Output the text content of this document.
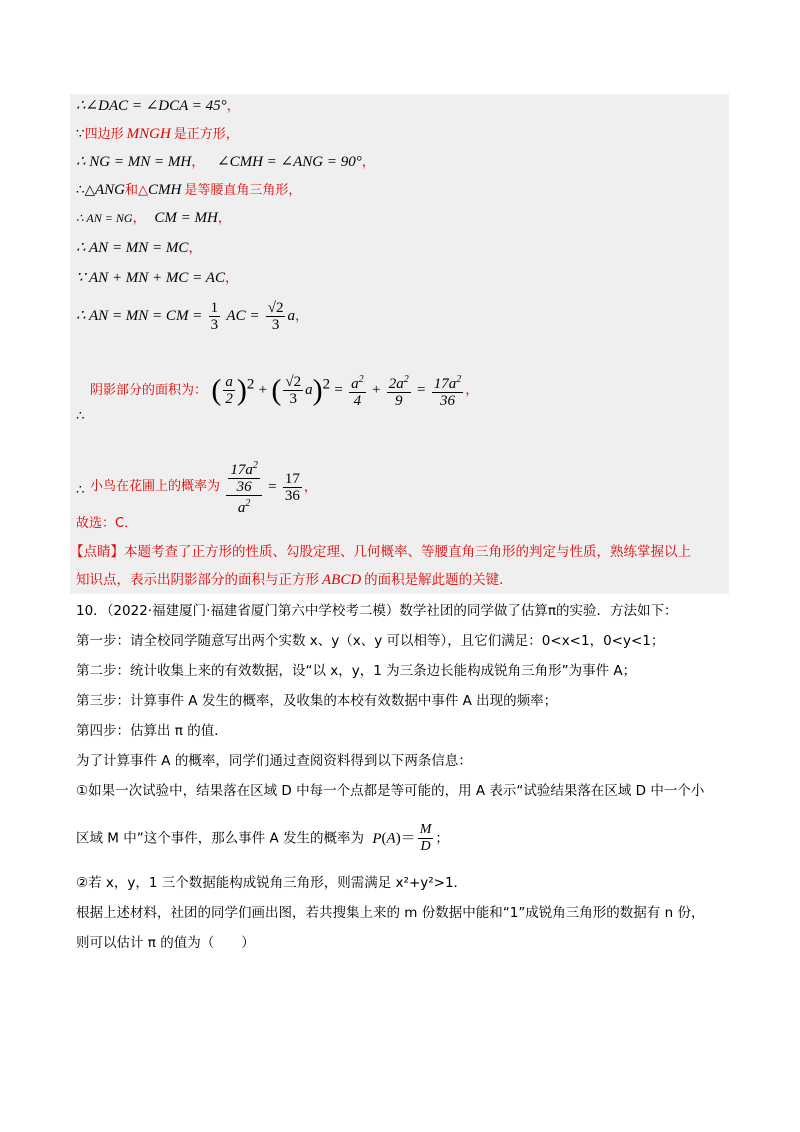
∴∠DAC = ∠DCA = 45°，
∵四边形 MNGH 是正方形，
∴ NG = MN = MH， ∠CMH = ∠ANG = 90°，
∴△ANG和△CMH 是等腰直角三角形，
∴ AN = NG， CM = MH，
∴ AN = MN = MC，
∵ AN + MN + MC = AC，
∴ AN = MN = CM = $\frac{1}{3}$ AC = $\frac{√2}{3}$ a，
阴影部分的面积为： ( $\frac{a}{2} )^2$ + ( $\frac{√2}{3} a)^2 = \frac{a^2}{4} + \frac{2a^2}{9} = \frac{17a^2}{36}$ ，
∴
小鸟在花圃上的概率为 $\frac{\frac{17a^2}{36}}{a^2} = \frac{17}{36}$ ，
∴
故选：C．
【点睛】本题考查了正方形的性质、勾股定理、几何概率、等腰直角三角形的判定与性质，熟练掌握以上
知识点，表示出阴影部分的面积与正方形 ABCD 的面积是解此题的关键.
10．（2022·福建厦门·福建省厦门第六中学校考二模）数学社团的同学做了估算π的实验．方法如下：
第一步：请全校同学随意写出两个实数 x、y（x、y 可以相等），且它们满足：0<x<1，0<y<1；
第二步：统计收集上来的有效数据，设“以 x，y，1 为三条边长能构成锐角三角形”为事件 A；
第三步：计算事件 A 发生的概率，及收集的本校有效数据中事件 A 出现的频率；
第四步：估算出 π 的值．
为了计算事件 A 的概率，同学们通过查阅资料得到以下两条信息：
①如果一次试验中，结果落在区域 D 中每一个点都是等可能的，用 A 表示“试验结果落在区域 D 中一个小
区域 M 中”这个事件，那么事件 A 发生的概率为 $P(A)= \frac{M}{D}$ ；
②若 x，y，1 三个数据能构成锐角三角形，则需满足 x²+y²>1．
根据上述材料，社团的同学们画出图，若共搜集上来的 m 份数据中能和“1”成锐角三角形的数据有 n 份，
则可以估计 π 的值为（　　）
